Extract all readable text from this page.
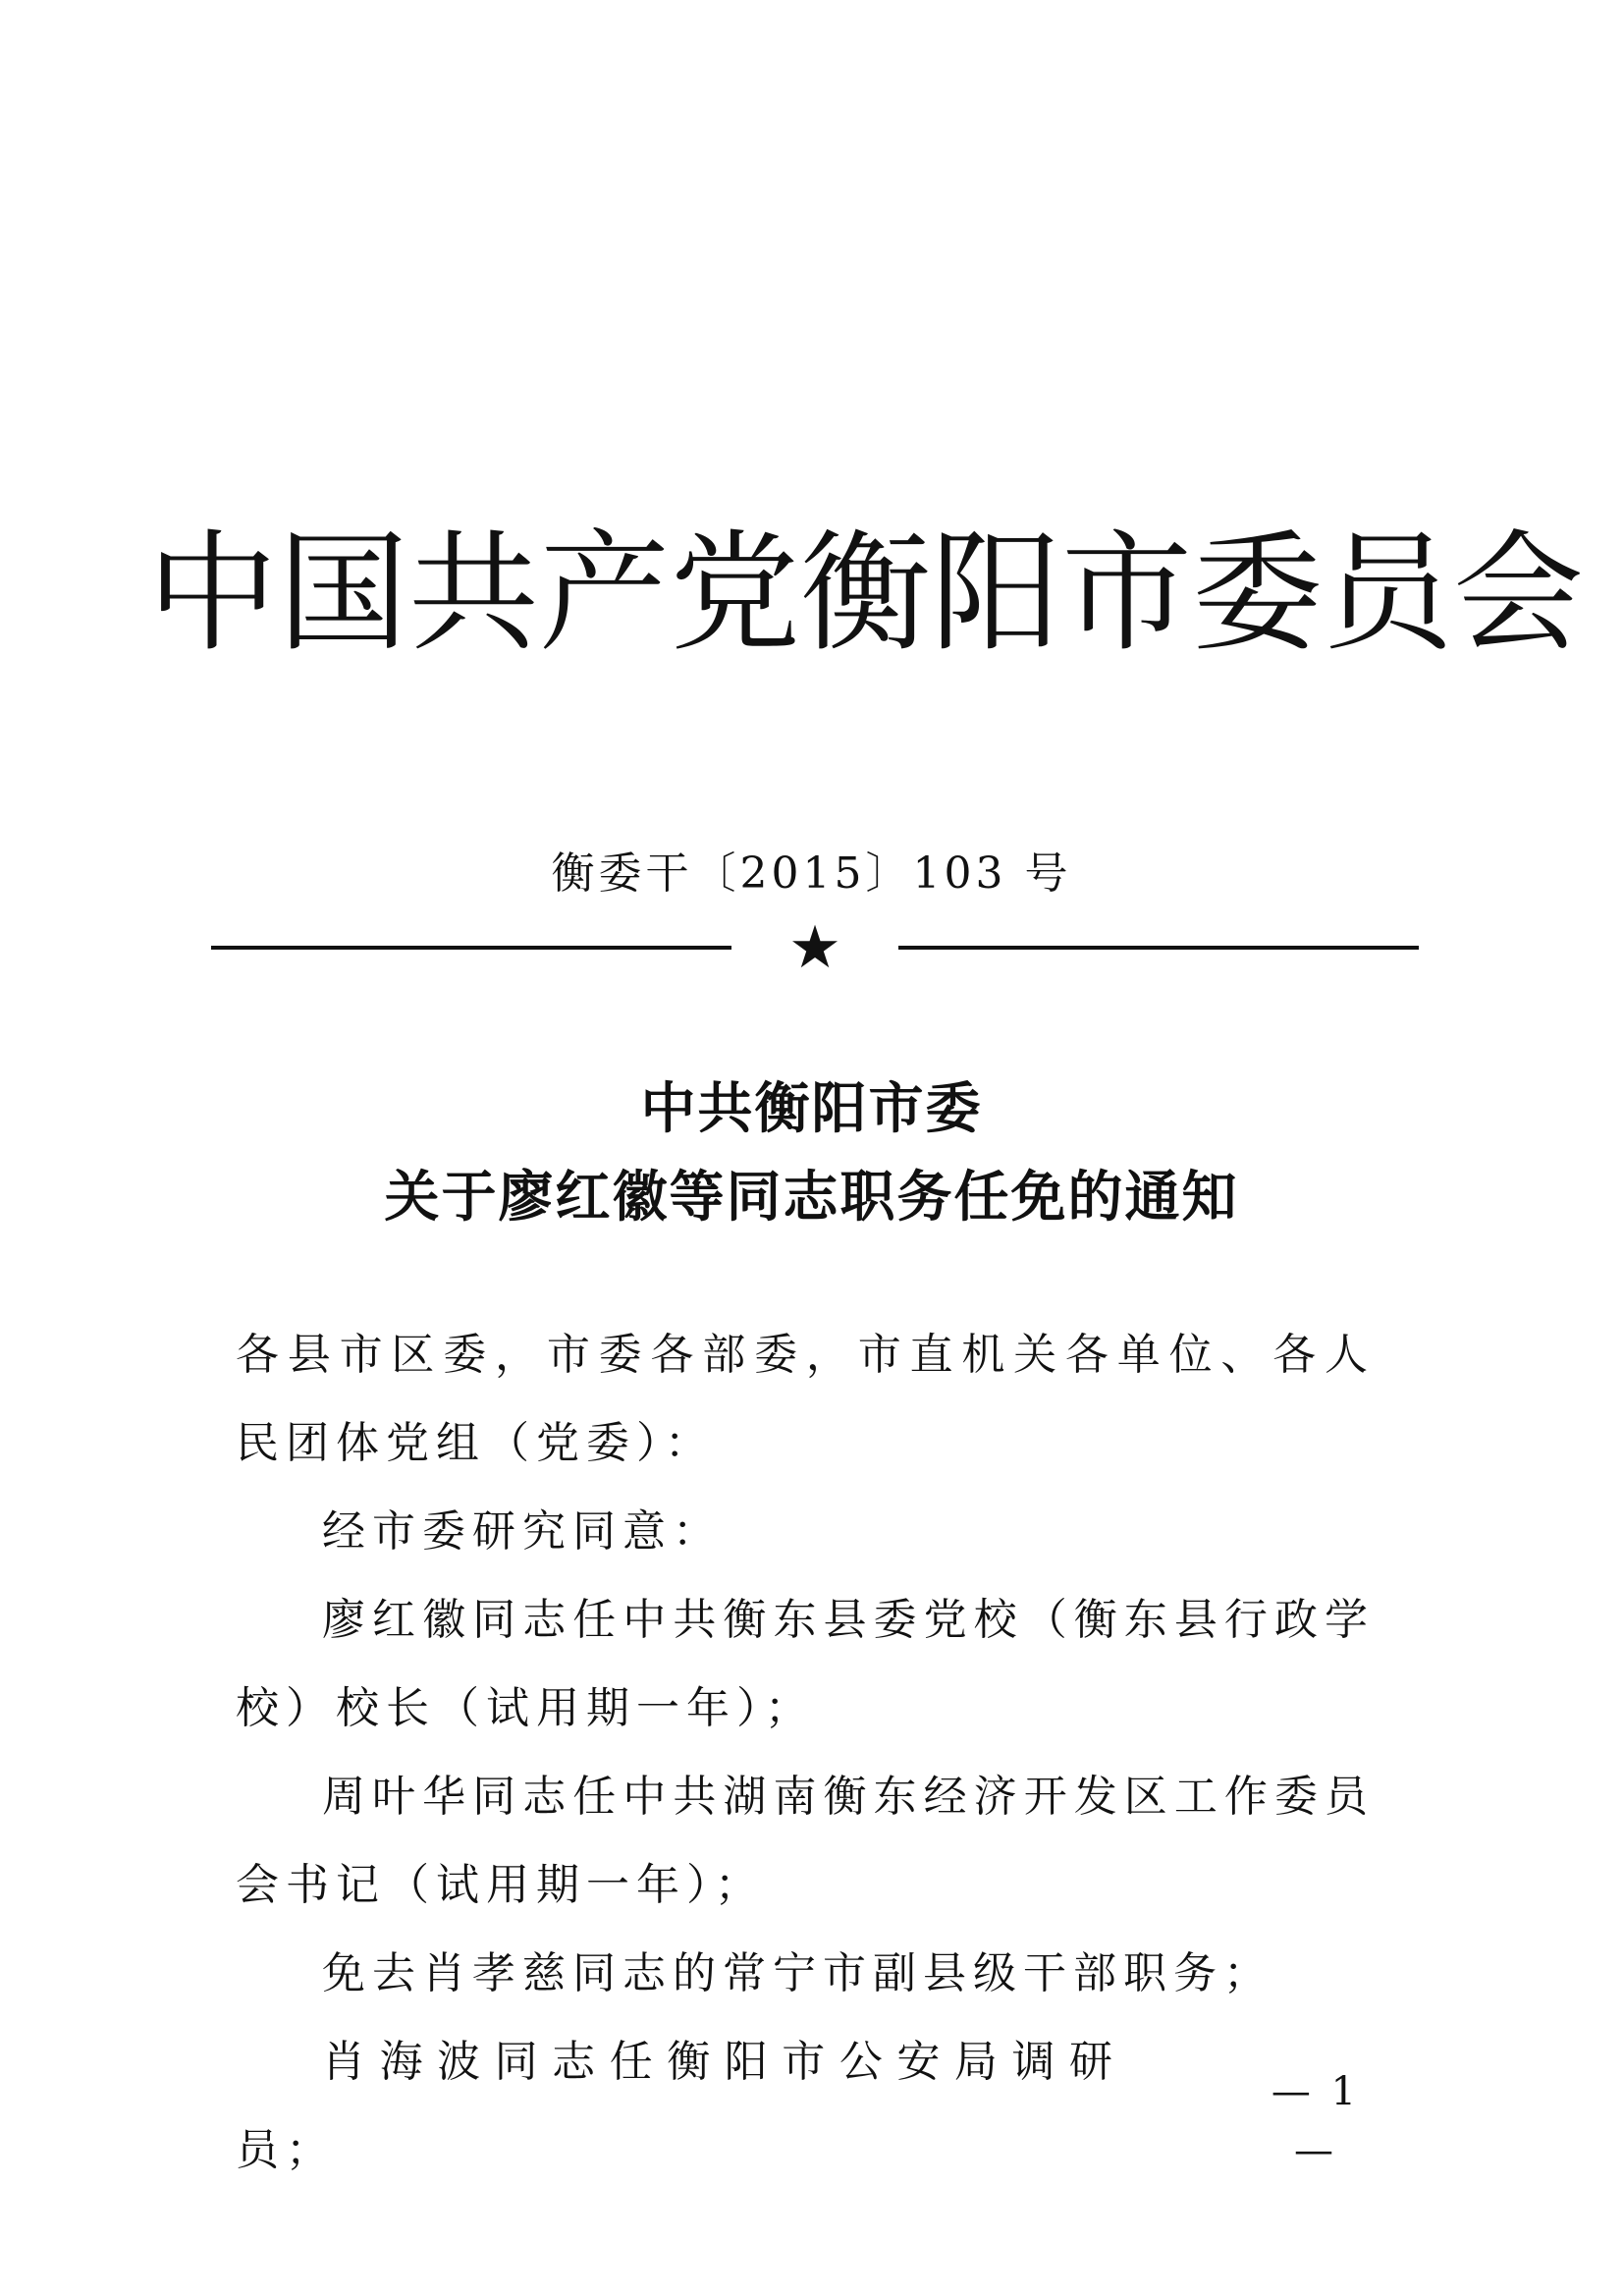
中国共产党衡阳市委员会
衡委干〔2015〕103 号
★
中共衡阳市委
关于廖红徽等同志职务任免的通知

各县市区委，市委各部委，市直机关各单位、各人民团体党组（党委）：

经市委研究同意：

廖红徽同志任中共衡东县委党校（衡东县行政学校）校长（试用期一年）；

周叶华同志任中共湖南衡东经济开发区工作委员会书记（试用期一年）；

免去肖孝慈同志的常宁市副县级干部职务；

肖海波同志任衡阳市公安局调研员；

— 1 —
